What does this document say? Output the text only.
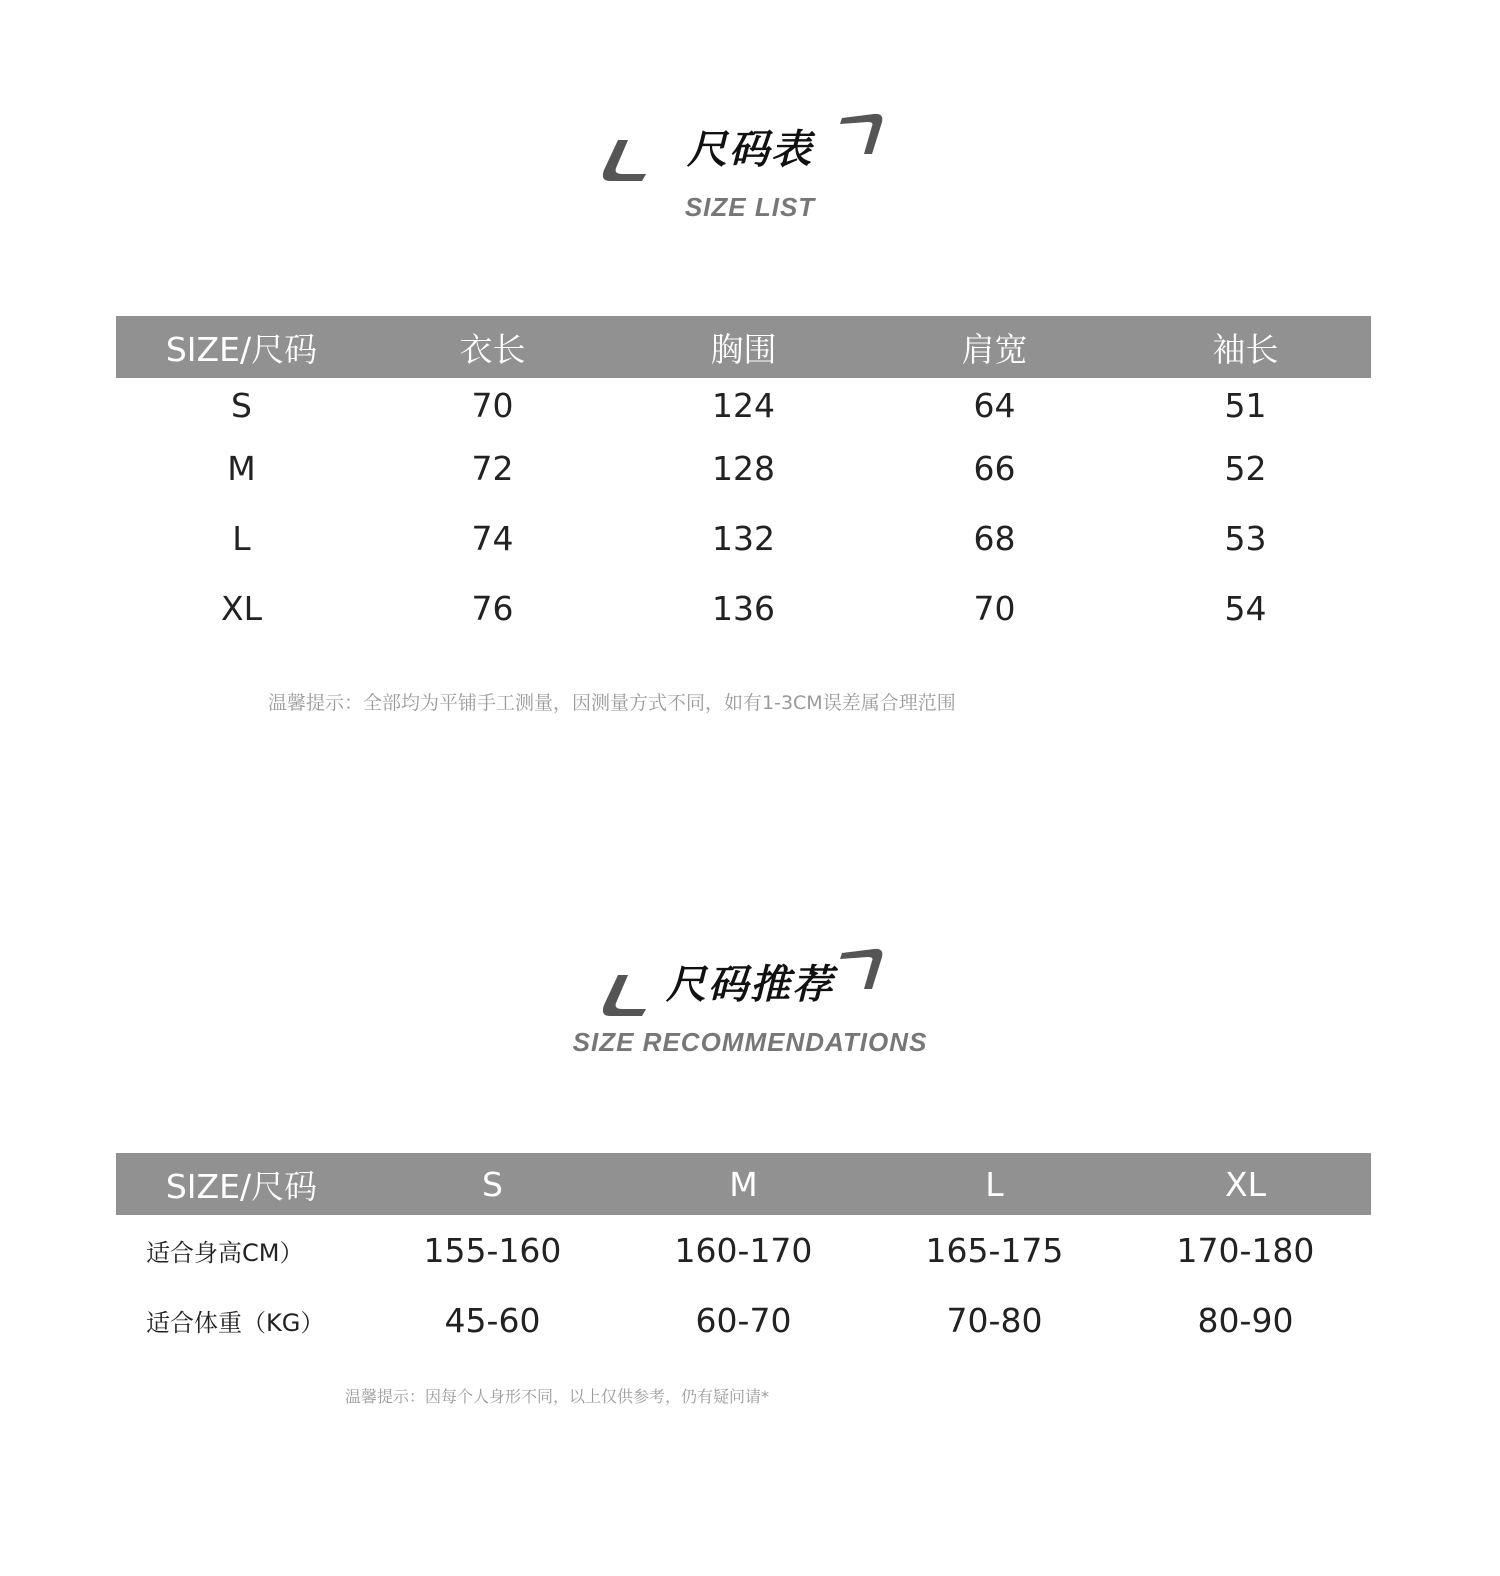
尺码表
SIZE LIST
SIZE/尺码	衣长	胸围	肩宽	袖长
S	70	124	64	51
M	72	128	66	52
L	74	132	68	53
XL	76	136	70	54
温馨提示：全部均为平铺手工测量，因测量方式不同，如有1-3CM误差属合理范围
尺码推荐
SIZE RECOMMENDATIONS
SIZE/尺码	S	M	L	XL
适合身高CM）	155-160	160-170	165-175	170-180
适合体重（KG）	45-60	60-70	70-80	80-90
温馨提示：因每个人身形不同，以上仅供参考，仍有疑问请*
